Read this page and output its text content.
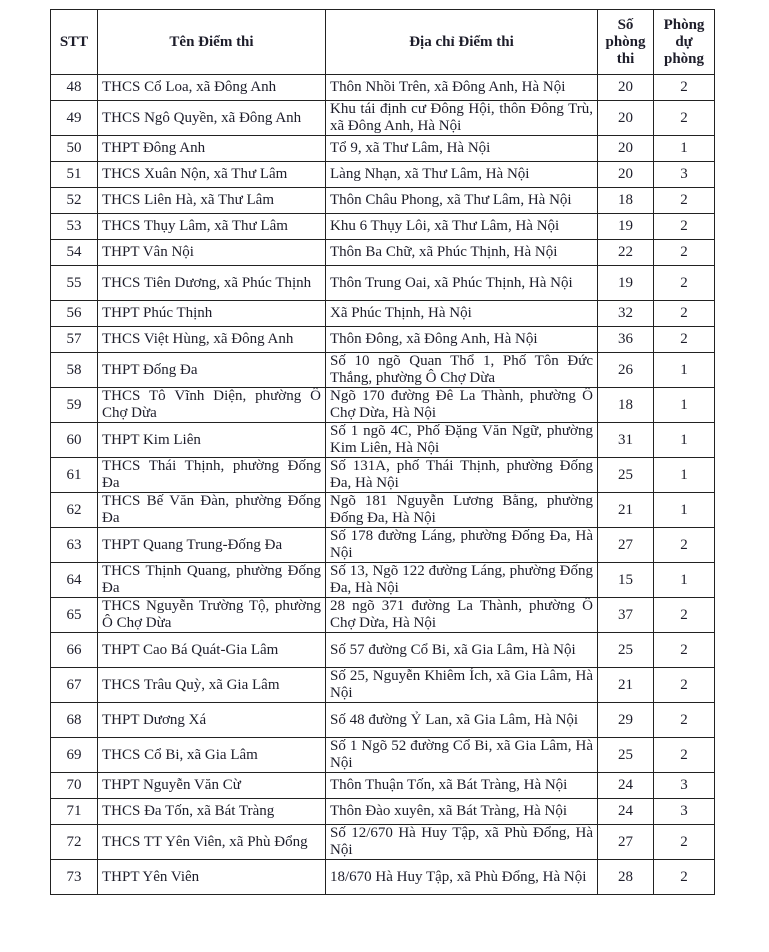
STT	Tên Điểm thi	Địa chỉ Điểm thi	Số phòng thi	Phòng dự phòng
48	THCS Cổ Loa, xã Đông Anh	Thôn Nhồi Trên, xã Đông Anh, Hà Nội	20	2
49	THCS Ngô Quyền, xã Đông Anh	Khu tái định cư Đông Hội, thôn Đông Trù, xã Đông Anh, Hà Nội	20	2
50	THPT Đông Anh	Tổ 9, xã Thư Lâm, Hà Nội	20	1
51	THCS Xuân Nộn, xã Thư Lâm	Làng Nhạn, xã Thư Lâm, Hà Nội	20	3
52	THCS Liên Hà, xã Thư Lâm	Thôn Châu Phong, xã Thư Lâm, Hà Nội	18	2
53	THCS Thụy Lâm, xã Thư Lâm	Khu 6 Thụy Lôi, xã Thư Lâm, Hà Nội	19	2
54	THPT Vân Nội	Thôn Ba Chữ, xã Phúc Thịnh, Hà Nội	22	2
55	THCS Tiên Dương, xã Phúc Thịnh	Thôn Trung Oai, xã Phúc Thịnh, Hà Nội	19	2
56	THPT Phúc Thịnh	Xã Phúc Thịnh, Hà Nội	32	2
57	THCS Việt Hùng, xã Đông Anh	Thôn Đông, xã Đông Anh, Hà Nội	36	2
58	THPT Đống Đa	Số 10 ngõ Quan Thổ 1, Phố Tôn Đức Thắng, phường Ô Chợ Dừa	26	1
59	THCS Tô Vĩnh Diện, phường Ô Chợ Dừa	Ngõ 170 đường Đê La Thành, phường Ô Chợ Dừa, Hà Nội	18	1
60	THPT Kim Liên	Số 1 ngõ 4C, Phố Đặng Văn Ngữ, phường Kim Liên, Hà Nội	31	1
61	THCS Thái Thịnh, phường Đống Đa	Số 131A, phố Thái Thịnh, phường Đống Đa, Hà Nội	25	1
62	THCS Bế Văn Đàn, phường Đống Đa	Ngõ 181 Nguyễn Lương Bằng, phường Đống Đa, Hà Nội	21	1
63	THPT Quang Trung-Đống Đa	Số 178 đường Láng, phường Đống Đa, Hà Nội	27	2
64	THCS Thịnh Quang, phường Đống Đa	Số 13, Ngõ 122 đường Láng, phường Đống Đa, Hà Nội	15	1
65	THCS Nguyễn Trường Tộ, phường Ô Chợ Dừa	28 ngõ 371 đường La Thành, phường Ô Chợ Dừa, Hà Nội	37	2
66	THPT Cao Bá Quát-Gia Lâm	Số 57 đường Cổ Bi, xã Gia Lâm, Hà Nội	25	2
67	THCS Trâu Quỳ, xã Gia Lâm	Số 25, Nguyễn Khiêm Ích, xã Gia Lâm, Hà Nội	21	2
68	THPT Dương Xá	Số 48 đường Ỷ Lan, xã Gia Lâm, Hà Nội	29	2
69	THCS Cổ Bi, xã Gia Lâm	Số 1 Ngõ 52 đường Cổ Bi, xã Gia Lâm, Hà Nội	25	2
70	THPT Nguyễn Văn Cừ	Thôn Thuận Tốn, xã Bát Tràng, Hà Nội	24	3
71	THCS Đa Tốn, xã Bát Tràng	Thôn Đào xuyên, xã Bát Tràng, Hà Nội	24	3
72	THCS TT Yên Viên, xã Phù Đổng	Số 12/670 Hà Huy Tập, xã Phù Đổng, Hà Nội	27	2
73	THPT Yên Viên	18/670 Hà Huy Tập, xã Phù Đổng, Hà Nội	28	2
